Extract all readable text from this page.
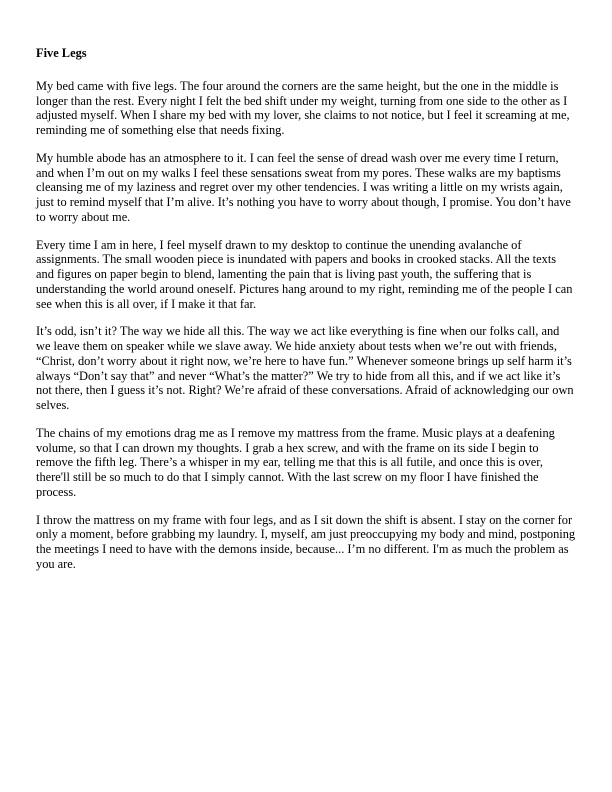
Five Legs

My bed came with five legs. The four around the corners are the same height, but the one in the middle is longer than the rest. Every night I felt the bed shift under my weight, turning from one side to the other as I adjusted myself. When I share my bed with my lover, she claims to not notice, but I feel it screaming at me, reminding me of something else that needs fixing.

My humble abode has an atmosphere to it. I can feel the sense of dread wash over me every time I return, and when I’m out on my walks I feel these sensations sweat from my pores. These walks are my baptisms cleansing me of my laziness and regret over my other tendencies. I was writing a little on my wrists again, just to remind myself that I’m alive. It’s nothing you have to worry about though, I promise. You don’t have to worry about me.

Every time I am in here, I feel myself drawn to my desktop to continue the unending avalanche of assignments. The small wooden piece is inundated with papers and books in crooked stacks. All the texts and figures on paper begin to blend, lamenting the pain that is living past youth, the suffering that is understanding the world around oneself. Pictures hang around to my right, reminding me of the people I can see when this is all over, if I make it that far.

It’s odd, isn’t it? The way we hide all this. The way we act like everything is fine when our folks call, and we leave them on speaker while we slave away. We hide anxiety about tests when we’re out with friends, “Christ, don’t worry about it right now, we’re here to have fun.” Whenever someone brings up self harm it’s always “Don’t say that” and never “What’s the matter?” We try to hide from all this, and if we act like it’s not there, then I guess it’s not. Right? We’re afraid of these conversations. Afraid of acknowledging our own selves.

The chains of my emotions drag me as I remove my mattress from the frame. Music plays at a deafening volume, so that I can drown my thoughts. I grab a hex screw, and with the frame on its side I begin to remove the fifth leg. There’s a whisper in my ear, telling me that this is all futile, and once this is over, there'll still be so much to do that I simply cannot. With the last screw on my floor I have finished the process.

I throw the mattress on my frame with four legs, and as I sit down the shift is absent. I stay on the corner for only a moment, before grabbing my laundry. I, myself, am just preoccupying my body and mind, postponing the meetings I need to have with the demons inside, because... I’m no different. I'm as much the problem as you are.
